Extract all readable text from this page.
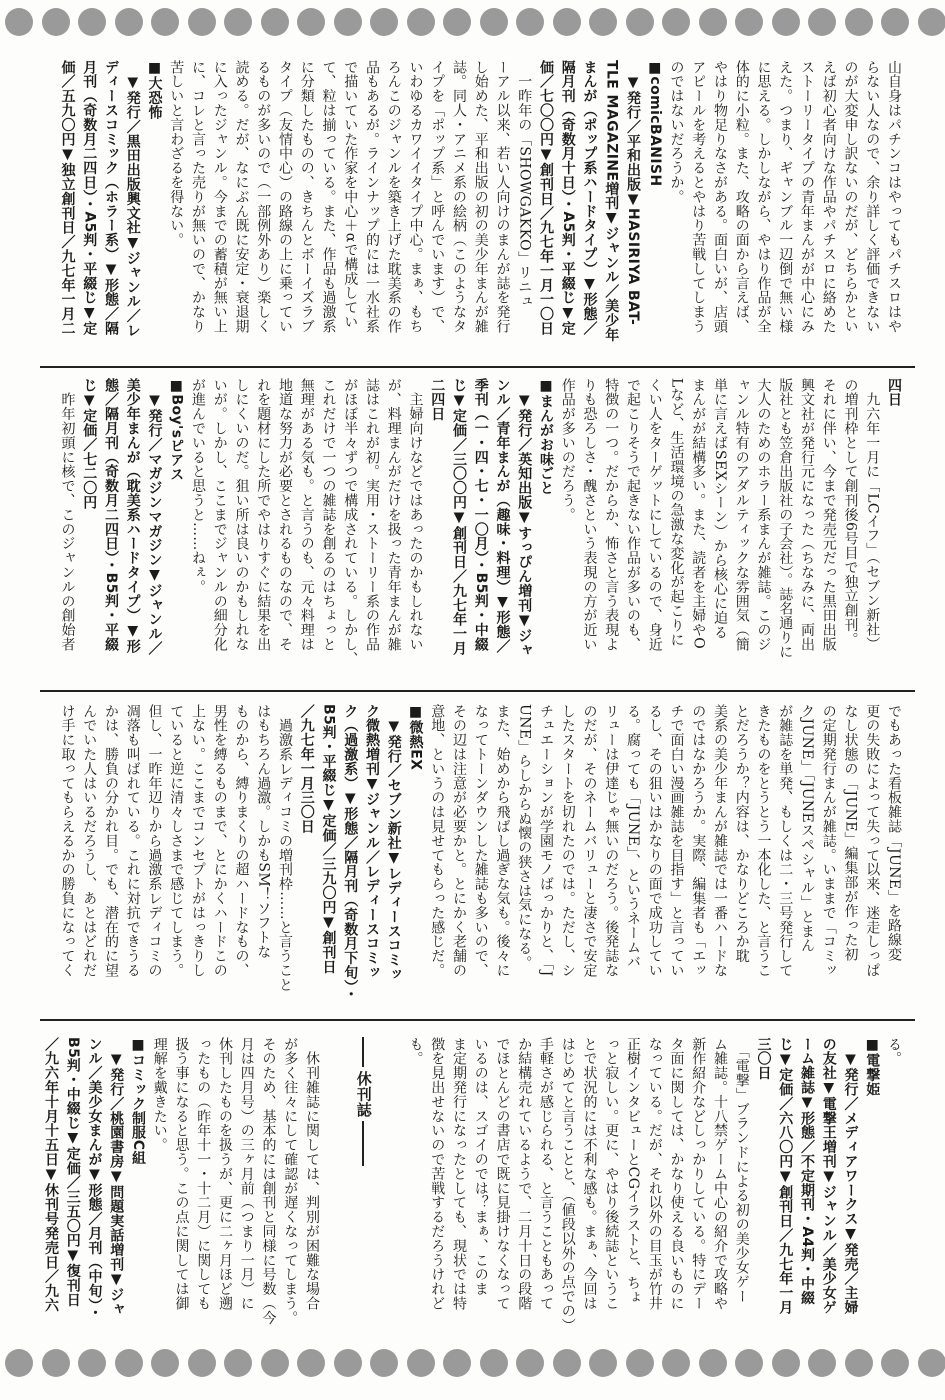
山自身はパチンコはやってもパチスロはや
らない人なので、余り詳しく評価できない
のが大変申し訳ないのだが、どちらかとい
えば初心者向けな作品やパチスロに絡めた
ストーリータイプの青年まんがが中心にみ
えた。つまり、ギャンブル一辺倒で無い様
に思える。しかしながら、やはり作品が全
体的に小粒。また、攻略の面から言えば、
やはり物足りなさがある。面白いが、店頭
アピールを考えるとやはり苦戦してしまう
のではないだろうか。
■comicBANISH
　▼発行／平和出版▼HASIRIYA BAT-
TLE MAGAZINE増刊▼ジャンル／美少年
まんが（ポップ系ハードタイプ）▼形態／
隔月刊（奇数月十日）・A5判・平綴じ▼定
価／七〇〇円▼創刊日／九七年一月一〇日
　一昨年の「SHOWGAKKO」リニュ
ーアル以来、若い人向けのまんが誌を発行
し始めた、平和出版の初の美少年まんが雑
誌。同人・アニメ系の絵柄（このようなタ
イプを「ポップ系」と呼んでいます）で、
いわゆるカワイイタイプ中心。まぁ、もち
ろんこのジャンルを築き上げた耽美系の作
品もあるが。ラインナップ的には一水社系
で描いていた作家を中心＋αで構成してい
て、粒は揃っている。また、作品も過激系
に分類したものの、きちんとボーイズラブ
タイプ（友情中心）の路線の上に乗ってい
るものが多いので（一部例外あり）楽しく
読める。だが、なにぶん既に安定・衰退期
に入ったジャンル。今までの蓄積が無い上
に、コレと言った売りが無いので、かなり
苦しいと言わざるを得ない。
■大恐怖
　▼発行／黒田出版興文社▼ジャンル／レ
ディースコミック（ホラー系）▼形態／隔
月刊（奇数月二四日）・A5判・平綴じ▼定
価／五九〇円▼独立創刊日／九七年一月二
四日
　九六年一月に「LCイフ」（セブン新社）
の増刊枠として創刊後6号目で独立創刊。
それに伴い、今まで発売元だった黒田出版
興文社が発行元になった（ちなみに、両出
版社とも笠倉出版社の子会社）。誌名通りに
大人のためのホラー系まんが雑誌。このジ
ャンル特有のアダルティックな雰囲気（簡
単に言えばSEXシーン）から核心に迫る
まんがが結構多い。また、読者を主婦やO
Lなど、生活環境の急激な変化が起こりに
くい人をターゲットにしているので、身近
で起こりそうで起きない作品が多いのも、
特徴の一つ。だからか、怖さと言う表現よ
りも恐ろしさ・醜さという表現の方が近い
作品が多いのだろう。
■まんがお味ごと
　▼発行／英知出版▼すっぴん増刊▼ジャ
ンル／青年まんが（趣味・料理）▼形態／
季刊（一・四・七・一〇月）・B5判・中綴
じ▼定価／三〇〇円▼創刊日／九七年一月
二四日
　主婦向けなどではあったのかもしれない
が、料理まんがだけを扱った青年まんが雑
誌はこれが初。実用・ストーリー系の作品
がほぼ半々ずつで構成されている。しかし、
これだけで一つの雑誌を創るのはちょっと
無理がある気も。と言うのも、元々料理は
地道な努力が必要とされるものなので、そ
れを題材にした所でやはりすぐに結果を出
しにくいのだ。狙い所は良いのかもしれな
いが。しかし、ここまでジャンルの細分化
が進んでいると思うと……ねぇ。
■Boy'sピアス
　▼発行／マガジンマガジン▼ジャンル／
美少年まんが（耽美系ハードタイプ）▼形
態／隔月刊（奇数月二四日）・B5判・平綴
じ▼定価／七二〇円
　昨年初頭に核で、このジャンルの創始者
でもあった看板雑誌「JUNE」を路線変
更の失敗によって失って以来、迷走しっぱ
なし状態の「JUNE」編集部が作った初
の定期発行まんが雑誌。いままで「コミッ
クJUNE」「JUNEスペシャル」とまん
が雑誌を単発、もしくは二・三号発行して
きたものをとうとう一本化した、と言うこ
とだろうか？内容は、かなりどころか耽
美系の美少年まんが雑誌では一番ハードな
のではなかろうか。実際、編集者も「エッ
チで面白い漫画雑誌を目指す」と言ってい
るし、その狙いはかなりの面で成功してい
る。腐っても「JUNE」、というネームバ
リューは伊達じゃ無いのだろう。後発誌な
のだが、そのネームバリューと凄さで安定
したスタートを切れたのでは。ただし、シ
チュエーションが学園モノばっかりと、「J
UNE」らしからぬ懐の狭さは気になる。
また、始めから飛ばし過ぎな気も。後々に
なってトーンダウンした雑誌も多いので、
その辺は注意が必要かと。とにかく老舗の
意地、というのは見せてもらった感じだ。
■微熱EX
　▼発行／セブン新社▼レディースコミッ
ク微熱増刊▼ジャンル／レディースコミッ
ク（過激系）▼形態／隔月刊（奇数月下旬）・
B5判・平綴じ▼定価／三九〇円▼創刊日
／九七年一月三〇日
　過激系レディコミの増刊枠……と言うこと
はもちろん過激。しかもSM！ソフトな
ものから、縛りまくりの超ハードなもの、
男性を縛るものまで、とにかくハードこの
上ない。ここまでコンセプトがはっきりし
ていると逆に清々しさまで感じてしまう。
但し、一昨年辺りから過激系レディコミの
凋落も叫ばれている。これに対抗できうる
かは、勝負の分かれ目。でも、潜在的に望
んでいた人はいるだろうし、あとはどれだ
け手に取ってもらえるかの勝負になってく
る。
■電撃姫
　▼発行／メディアワークス▼発売／主婦
の友社▼電撃王増刊▼ジャンル／美少女ゲ
ーム雑誌▼形態／不定期刊・A4判・中綴
じ▼定価／六八〇円▼創刊日／九七年一月
三〇日
　「電撃」ブランドによる初の美少女ゲー
ム雑誌。十八禁ゲーム中心の紹介で攻略や
新作紹介などしっかりしている。特にデー
タ面に関しては、かなり使える良いものに
なっている。だが、それ以外の目玉が竹井
正樹インタビューとCGイラストと、ちょ
っと寂しい。更に、やはり後続誌というこ
とで状況的には不利な感も。まぁ、今回は
はじめてと言うことと、（値段以外の点での）
手軽さが感じられる、と言うこともあって
か結構売れているようで、二月十日の段階
でほとんどの書店で既に見掛けなくなって
いるのは、スゴイのでは？まぁ、このま
ま定期発行になったとしても、現状では特
徴を見出せないので苦戦するだろうけれど
も。
休刊誌
　休刊雑誌に関しては、判別が困難な場合
が多く往々にして確認が遅くなってしまう。
そのため、基本的には創刊と同様に号数（今
月は四月号）の三ヶ月前（つまり一月）に
休刊したものを扱うが、更に二ヶ月ほど遡
ったもの（昨年十一・十二月）に関しても
扱う事になると思う。この点に関しては御
理解を戴きたい。
■コミック制服C組
　▼発行／桃園書房▼問題実話増刊▼ジャ
ンル／美少女まんが▼形態／月刊（中旬）・
B5判・中綴じ▼定価／三五〇円▼復刊日
／九六年十月十五日▼休刊号発売日／九六
